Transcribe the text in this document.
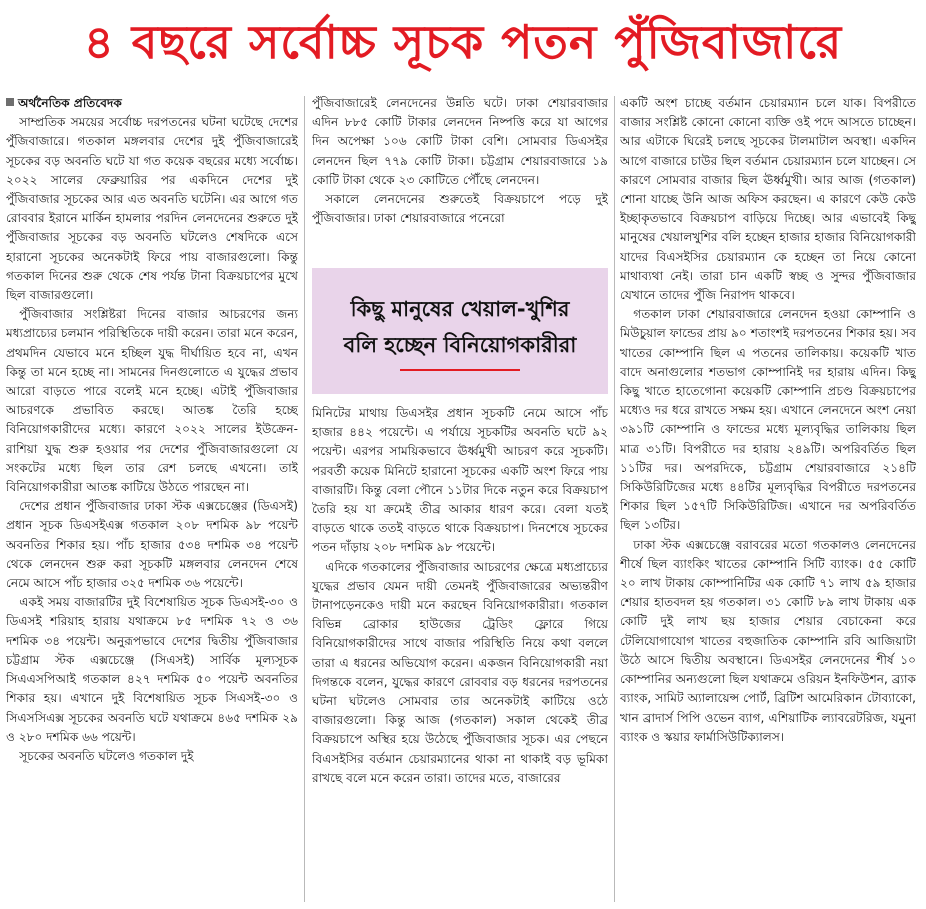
৪ বছরে সর্বোচ্চ সূচক পতন পুঁজিবাজারে

অর্থনৈতিক প্রতিবেদক

সাম্প্রতিক সময়ের সর্বোচ্চ দরপতনের ঘটনা ঘটেছে দেশের পুঁজিবাজারে। গতকাল মঙ্গলবার দেশের দুই পুঁজিবাজারেই সূচকের বড় অবনতি ঘটে যা গত কয়েক বছরের মধ্যে সর্বোচ্চ। ২০২২ সালের ফেব্রুয়ারির পর একদিনে দেশের দুই পুঁজিবাজার সূচকের আর এত অবনতি ঘটেনি। এর আগে গত রোববার ইরানে মার্কিন হামলার পরদিন লেনদেনের শুরুতে দুই পুঁজিবাজার সূচকের বড় অবনতি ঘটলেও শেষদিকে এসে হারানো সূচকের অনেকটাই ফিরে পায় বাজারগুলো। কিন্তু গতকাল দিনের শুরু থেকে শেষ পর্যন্ত টানা বিক্রয়চাপের মুখে ছিল বাজারগুলো।

পুঁজিবাজার সংশ্লিষ্টরা দিনের বাজার আচরণের জন্য মধ্যপ্রাচ্যের চলমান পরিস্থিতিকে দায়ী করেন। তারা মনে করেন, প্রথমদিন যেভাবে মনে হচ্ছিল যুদ্ধ দীর্ঘায়িত হবে না, এখন কিন্তু তা মনে হচ্ছে না। সামনের দিনগুলোতে এ যুদ্ধের প্রভাব আরো বাড়তে পারে বলেই মনে হচ্ছে। এটাই পুঁজিবাজার আচরণকে প্রভাবিত করছে। আতঙ্ক তৈরি হচ্ছে বিনিয়োগকারীদের মধ্যে। কারণে ২০২২ সালের ইউক্রেন-রাশিয়া যুদ্ধ শুরু হওয়ার পর দেশের পুঁজিবাজারগুলো যে সংকটের মধ্যে ছিল তার রেশ চলছে এখনো। তাই বিনিয়োগকারীরা আতঙ্ক কাটিয়ে উঠতে পারছেন না।

দেশের প্রধান পুঁজিবাজার ঢাকা স্টক এক্সচেঞ্জের (ডিএসই) প্রধান সূচক ডিএসইএক্স গতকাল ২০৮ দশমিক ৯৮ পয়েন্ট অবনতির শিকার হয়। পাঁচ হাজার ৫৩৪ দশমিক ৩৪ পয়েন্ট থেকে লেনদেন শুরু করা সূচকটি মঙ্গলবার লেনদেন শেষে নেমে আসে পাঁচ হাজার ৩২৫ দশমিক ৩৬ পয়েন্টে।

একই সময় বাজারটির দুই বিশেষায়িত সূচক ডিএসই-৩০ ও ডিএসই শরিয়াহ হারায় যথাক্রমে ৮৫ দশমিক ৭২ ও ৩৬ দশমিক ৩৪ পয়েন্ট। অনুরূপভাবে দেশের দ্বিতীয় পুঁজিবাজার চট্টগ্রাম স্টক এক্সচেঞ্জে (সিএসই) সার্বিক মূল্যসূচক সিএএসপিআই গতকাল ৪২৭ দশমিক ৫০ পয়েন্ট অবনতির শিকার হয়। এখানে দুই বিশেষায়িত সূচক সিএসই-৩০ ও সিএসসিএক্স সূচকের অবনতি ঘটে যথাক্রমে ৪৬৫ দশমিক ২৯ ও ২৮০ দশমিক ৬৬ পয়েন্ট।

সূচকের অবনতি ঘটলেও গতকাল দুই

পুঁজিবাজারেই লেনদেনের উন্নতি ঘটে। ঢাকা শেয়ারবাজার এদিন ৮৮৫ কোটি টাকার লেনদেন নিষ্পত্তি করে যা আগের দিন অপেক্ষা ১০৬ কোটি টাকা বেশি। সোমবার ডিএসইর লেনদেন ছিল ৭৭৯ কোটি টাকা। চট্টগ্রাম শেয়ারবাজারে ১৯ কোটি টাকা থেকে ২৩ কোটিতে পৌঁছে লেনদেন।

সকালে লেনদেনের শুরুতেই বিক্রয়চাপে পড়ে দুই পুঁজিবাজার। ঢাকা শেয়ারবাজারে পনেরো

কিছু মানুষের খেয়াল-খুশির
বলি হচ্ছেন বিনিয়োগকারীরা

মিনিটের মাথায় ডিএসইর প্রধান সূচকটি নেমে আসে পাঁচ হাজার ৪৪২ পয়েন্টে। এ পর্যায়ে সূচকটির অবনতি ঘটে ৯২ পয়েন্ট। এরপর সাময়িকভাবে ঊর্ধ্বমুখী আচরণ করে সূচকটি। পরবর্তী কয়েক মিনিটে হারানো সূচকের একটি অংশ ফিরে পায় বাজারটি। কিন্তু বেলা পৌনে ১১টার দিকে নতুন করে বিক্রয়চাপ তৈরি হয় যা ক্রমেই তীব্র আকার ধারণ করে। বেলা যতই বাড়তে থাকে ততই বাড়তে থাকে বিক্রয়চাপ। দিনশেষে সূচকের পতন দাঁড়ায় ২০৮ দশমিক ৯৮ পয়েন্টে।

এদিকে গতকালের পুঁজিবাজার আচরণের ক্ষেত্রে মধ্যপ্রাচ্যের যুদ্ধের প্রভাব যেমন দায়ী তেমনই পুঁজিবাজারের অভ্যন্তরীণ টানাপড়েনকেও দায়ী মনে করছেন বিনিয়োগকারীরা। গতকাল বিভিন্ন ব্রোকার হাউজের ট্রেডিং ফ্লোরে গিয়ে বিনিয়োগকারীদের সাথে বাজার পরিস্থিতি নিয়ে কথা বললে তারা এ ধরনের অভিযোগ করেন। একজন বিনিয়োগকারী নয়া দিগন্তকে বলেন, যুদ্ধের কারণে রোববার বড় ধরনের দরপতনের ঘটনা ঘটলেও সোমবার তার অনেকটাই কাটিয়ে ওঠে বাজারগুলো। কিন্তু আজ (গতকাল) সকাল থেকেই তীব্র বিক্রয়চাপে অস্থির হয়ে উঠেছে পুঁজিবাজার সূচক। এর পেছনে বিএসইসির বর্তমান চেয়ারম্যানের থাকা না থাকাই বড় ভূমিকা রাখছে বলে মনে করেন তারা। তাদের মতে, বাজারের

একটি অংশ চাচ্ছে বর্তমান চেয়ারম্যান চলে যাক। বিপরীতে বাজার সংশ্লিষ্ট কোনো কোনো ব্যক্তি ওই পদে আসতে চাচ্ছেন। আর এটাকে ঘিরেই চলছে সূচকের টালমাটাল অবস্থা। একদিন আগে বাজারে চাউর ছিল বর্তমান চেয়ারম্যান চলে যাচ্ছেন। সে কারণে সোমবার বাজার ছিল ঊর্ধ্বমুখী। আর আজ (গতকাল) শোনা যাচ্ছে উনি আজ অফিস করছেন। এ কারণে কেউ কেউ ইচ্ছাকৃতভাবে বিক্রয়চাপ বাড়িয়ে দিচ্ছে। আর এভাবেই কিছু মানুষের খেয়ালখুশির বলি হচ্ছেন হাজার হাজার বিনিয়োগকারী যাদের বিএসইসির চেয়ারম্যান কে হচ্ছেন তা নিয়ে কোনো মাথাব্যথা নেই। তারা চান একটি স্বচ্ছ ও সুন্দর পুঁজিবাজার যেখানে তাদের পুঁজি নিরাপদ থাকবে।

গতকাল ঢাকা শেয়ারবাজারে লেনদেন হওয়া কোম্পানি ও মিউচুয়াল ফান্ডের প্রায় ৯০ শতাংশই দরপতনের শিকার হয়। সব খাতের কোম্পানি ছিল এ পতনের তালিকায়। কয়েকটি খাত বাদে অনাগুলোর শতভাগ কোম্পানিই দর হারায় এদিন। কিছু কিছু খাতে হাতেগোনা কয়েকটি কোম্পানি প্রচণ্ড বিক্রয়চাপের মধ্যেও দর ধরে রাখতে সক্ষম হয়। এখানে লেনদেনে অংশ নেয়া ৩৯১টি কোম্পানি ও ফান্ডের মধ্যে মূল্যবৃদ্ধির তালিকায় ছিল মাত্র ৩১টি। বিপরীতে দর হারায় ২৪৯টি। অপরিবর্তিত ছিল ১১টির দর। অপরদিকে, চট্টগ্রাম শেয়ারবাজারে ২১৪টি সিকিউরিটিজের মধ্যে ৪৪টির মূল্যবৃদ্ধির বিপরীতে দরপতনের শিকার ছিল ১৫৭টি সিকিউরিটিজ। এখানে দর অপরিবর্তিত ছিল ১৩টির।

ঢাকা স্টক এক্সচেঞ্জে বরাবরের মতো গতকালও লেনদেনের শীর্ষে ছিল ব্যাংকিং খাতের কোম্পানি সিটি ব্যাংক। ৫৫ কোটি ২০ লাখ টাকায় কোম্পানিটির এক কোটি ৭১ লাখ ৫৯ হাজার শেয়ার হাতবদল হয় গতকাল। ৩১ কোটি ৮৯ লাখ টাকায় এক কোটি দুই লাখ ছয় হাজার শেয়ার বেচাকেনা করে টেলিযোগাযোগ খাতের বহুজাতিক কোম্পানি রবি আজিয়াটা উঠে আসে দ্বিতীয় অবস্থানে। ডিএসইর লেনদেনের শীর্ষ ১০ কোম্পানির অন্যগুলো ছিল যথাক্রমে ওরিয়ন ইনফিউশন, ব্র্যাক ব্যাংক, সামিট অ্যালায়েন্স পোর্ট, ব্রিটিশ আমেরিকান টোব্যাকো, খান ব্রাদার্স পিপি ওভেন ব্যাগ, এশিয়াটিক ল্যাবরেটরিজ, যমুনা ব্যাংক ও স্কয়ার ফার্মাসিউটিক্যালস।
